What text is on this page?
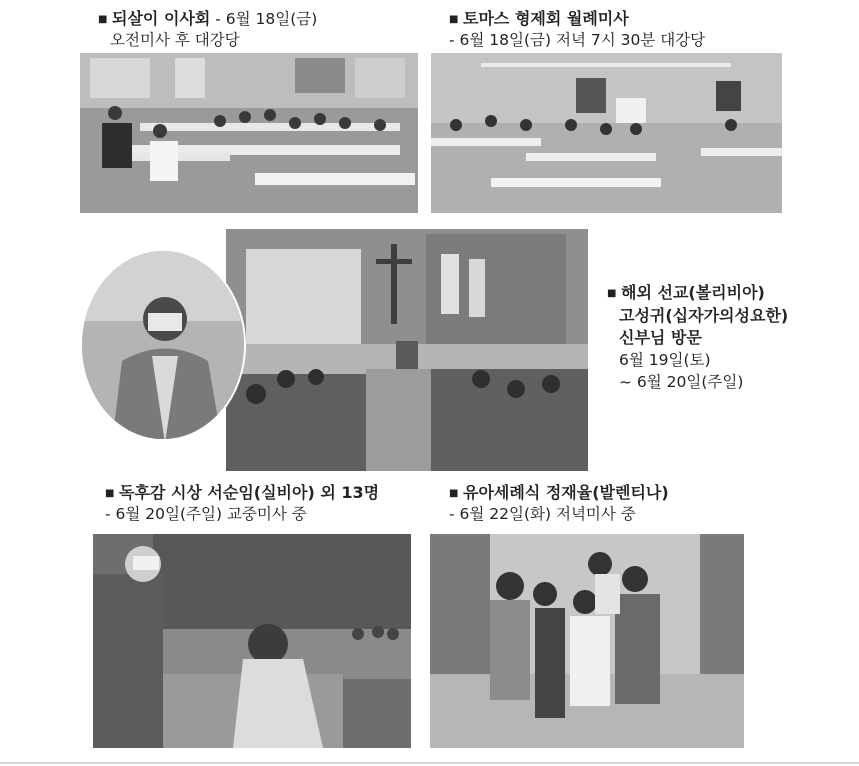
■ 되살이 이사회 - 6월 18일(금)
오전미사 후 대강당
■ 토마스 형제회 월례미사
- 6월 18일(금) 저녁 7시 30분 대강당
■ 해외 선교(볼리비아)
고성귀(십자가의성요한)
신부님 방문
6월 19일(토)
~ 6월 20일(주일)
■ 독후감 시상 서순임(실비아) 외 13명
- 6월 20일(주일) 교중미사 중
■ 유아세례식 정재율(발렌티나)
- 6월 22일(화) 저녁미사 중
